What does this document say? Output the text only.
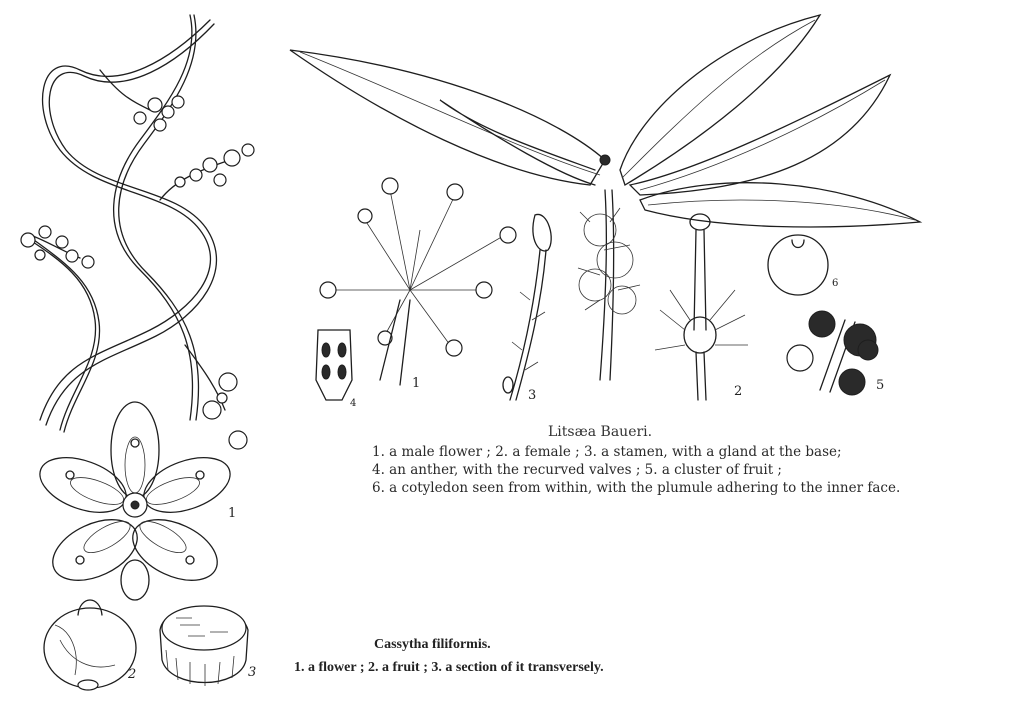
1
2
3
4
5
6
1
2	3
Litsæa Baueri.
1. a male flower ; 2. a female ; 3. a stamen, with a gland at the base;
4. an anther, with the recurved valves ; 5. a cluster of fruit ;
6. a cotyledon seen from within, with the plumule adhering to the inner face.
Cassytha filiformis.
1. a flower ; 2. a fruit ; 3. a section of it transversely.
